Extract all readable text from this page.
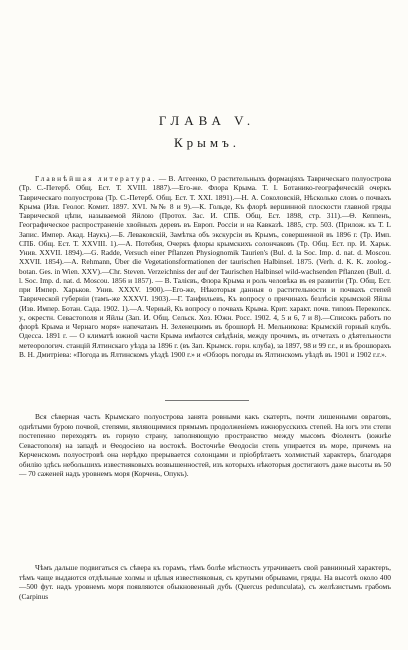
ГЛАВА V.
Крымъ.
Главнѣйшая литература. — В. Аггеенко, О растительныхъ формаціяхъ Таврическаго полуострова (Тр. С.-Петерб. Общ. Ест. Т. XVIII. 1887).—Его-же. Флора Крыма. Т. I. Ботанико-географическій очеркъ Таврическаго полуострова (Тр. С.-Петерб. Общ. Ест. Т. XXI. 1891).—Н. А. Соколовскій, Нѣсколько словъ о почвахъ Крыма (Изв. Геолог. Комит. 1897. XVI. №№ 8 и 9).—К. Гольде, Къ флорѣ вершинной плоскости главной гряды Таврической цѣпи, называемой Яйлою (Протох. Зас. И. СПБ. Общ. Ест. 1898, стр. 311).—Ѳ. Кеппенъ, Географическое распространеніе хвойныхъ деревъ въ Европ. Россіи и на Кавказѣ. 1885, стр. 503. (Прилож. къ Т. L Запис. Импер. Акад. Наукъ).—Б. Леваковскій, Замѣтка объ экскурсіи въ Крымъ, совершенной въ 1896 г. (Тр. Имп. СПБ. Общ. Ест. Т. XXVIII. 1).—А. Потебня, Очеркъ флоры крымскихъ солончаковъ (Тр. Общ. Ест. пр. И. Харьк. Унив. XXVII. 1894).—G. Radde, Versuch einer Pflanzen Physiognomik Taurien's (Bul. d. la Soc. Imp. d. nat. d. Moscou. XXVII. 1854).—А. Rehmann, Über die Vegetationsformationen der taurischen Halbinsel. 1875. (Verh. d. K. K. zoolog.-botan. Ges. in Wien. XXV).—Chr. Steven. Verzeichniss der auf der Taurischen Halbinsel wild-wachsenden Pflanzen (Bull. d. l. Soc. Imp. d. nat. d. Moscou. 1856 и 1857). — В. Талієвъ, Флора Крыма и роль человѣка въ ея развитіи (Тр. Общ. Ест. при Импер. Харьков. Унив. XXXV. 1900).—Его-же, Нѣкоторыя данныя о растительности и почвахъ степей Таврической губерніи (тамъ-же XXXVI. 1903).—Г. Танфильевъ, Къ вопросу о причинахъ безлѣсія крымской Яйлы (Изв. Импер. Ботан. Сада. 1902. 1).—А. Черный, Къ вопросу о почвахъ Крыма. Крит. характ. почв. типовъ Перекопск. у., окрестн. Севастополя и Яйлы (Зап. И. Общ. Сельск. Хоз. Южн. Росс. 1902. 4, 5 и 6, 7 и 8).—Списокъ работъ по флорѣ Крыма и Чернаго моря» напечатанъ Н. Зеленецкимъ въ брошюрѣ Н. Мельникова: Крымскій горный клубъ. Одесса. 1891 г. — О климатѣ южной части Крыма имѣются свѣдѣнія, между прочимъ, въ отчетахъ о дѣятельности метеорологич. станцій Ялтинскаго уѣзда за 1896 г. (въ Зап. Крымск. горн. клуба), за 1897, 98 и 99 г.г., и въ брошюрахъ В. Н. Дмитріева: «Погода въ Ялтинскомъ уѣздѣ 1900 г.» и «Обзоръ погоды въ Ялтинскомъ уѣздѣ въ 1901 и 1902 г.г.».
Вся сѣверная часть Крымскаго полуострова занята ровными какъ скатерть, почти лишенными овраговъ, однѣтыми бурою почвой, степями, являющимися прямымъ продолженіемъ южнорусскихъ степей. На югъ эти степи постепенно переходятъ въ горную страну, заполняющую пространство между мысомъ Фіолентъ (южнѣе Севастополя) на западѣ и Ѳеодосіею на востокѣ. Восточнѣе Ѳеодосіи степь упирается въ море, причемъ на Керченскомъ полуостровѣ она нерѣдко прерывается солонцами и пріобрѣтаетъ холмистый характеръ, благодаря обилію здѣсь небольшихъ известняковыхъ возвышенностей, изъ которыхъ нѣкоторыя достигаютъ даже высоты въ 50 — 70 саженей надъ уровнемъ моря (Корчень, Опукъ).
Чѣмъ дальше подвигаться съ сѣвера къ горамъ, тѣмъ болѣе мѣстность утрачиваетъ свой равнинный характеръ, тѣмъ чаще выдаются отдѣльные холмы и цѣлыя известняковыя, съ крутыми обрывами, гряды. На высотѣ около 400—500 фут. надъ уровнемъ моря появляются обыкновенный дубъ (Quercus pedunculata), съ желѣзистымъ грабомъ (Carpinus
